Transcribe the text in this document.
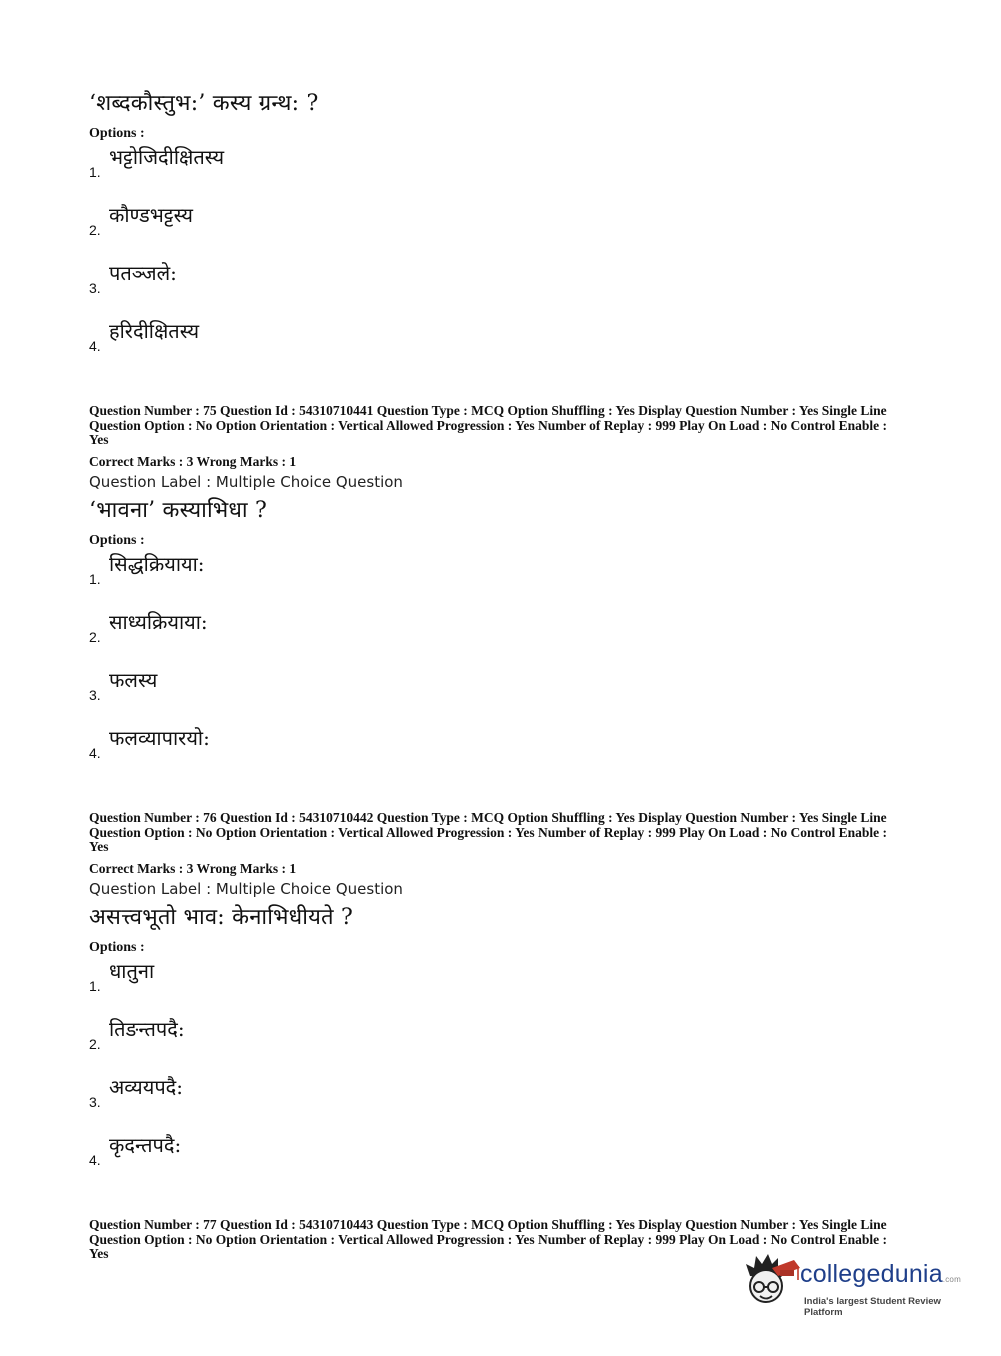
‘शब्दकौस्तुभ:’ कस्य ग्रन्थ: ?
Options :
1.
भट्टोजिदीक्षितस्य
2.
कौण्डभट्टस्य
3.
पतञ्जले:
4.
हरिदीक्षितस्य
Question Number : 75 Question Id : 54310710441 Question Type : MCQ Option Shuffling : Yes Display Question Number : Yes Single Line Question Option : No Option Orientation : Vertical Allowed Progression : Yes Number of Replay : 999 Play On Load : No Control Enable : Yes
Correct Marks : 3 Wrong Marks : 1
Question Label : Multiple Choice Question
‘भावना’ कस्याभिधा ?
Options :
1.
सिद्धक्रियाया:
2.
साध्यक्रियाया:
3.
फलस्य
4.
फलव्यापारयो:
Question Number : 76 Question Id : 54310710442 Question Type : MCQ Option Shuffling : Yes Display Question Number : Yes Single Line Question Option : No Option Orientation : Vertical Allowed Progression : Yes Number of Replay : 999 Play On Load : No Control Enable : Yes
Correct Marks : 3 Wrong Marks : 1
Question Label : Multiple Choice Question
असत्त्वभूतो भाव: केनाभिधीयते ?
Options :
1.
धातुना
2.
तिङन्तपदै:
3.
अव्ययपदै:
4.
कृदन्तपदै:
Question Number : 77 Question Id : 54310710443 Question Type : MCQ Option Shuffling : Yes Display Question Number : Yes Single Line Question Option : No Option Orientation : Vertical Allowed Progression : Yes Number of Replay : 999 Play On Load : No Control Enable : Yes
collegedunia.com
India's largest Student Review Platform
